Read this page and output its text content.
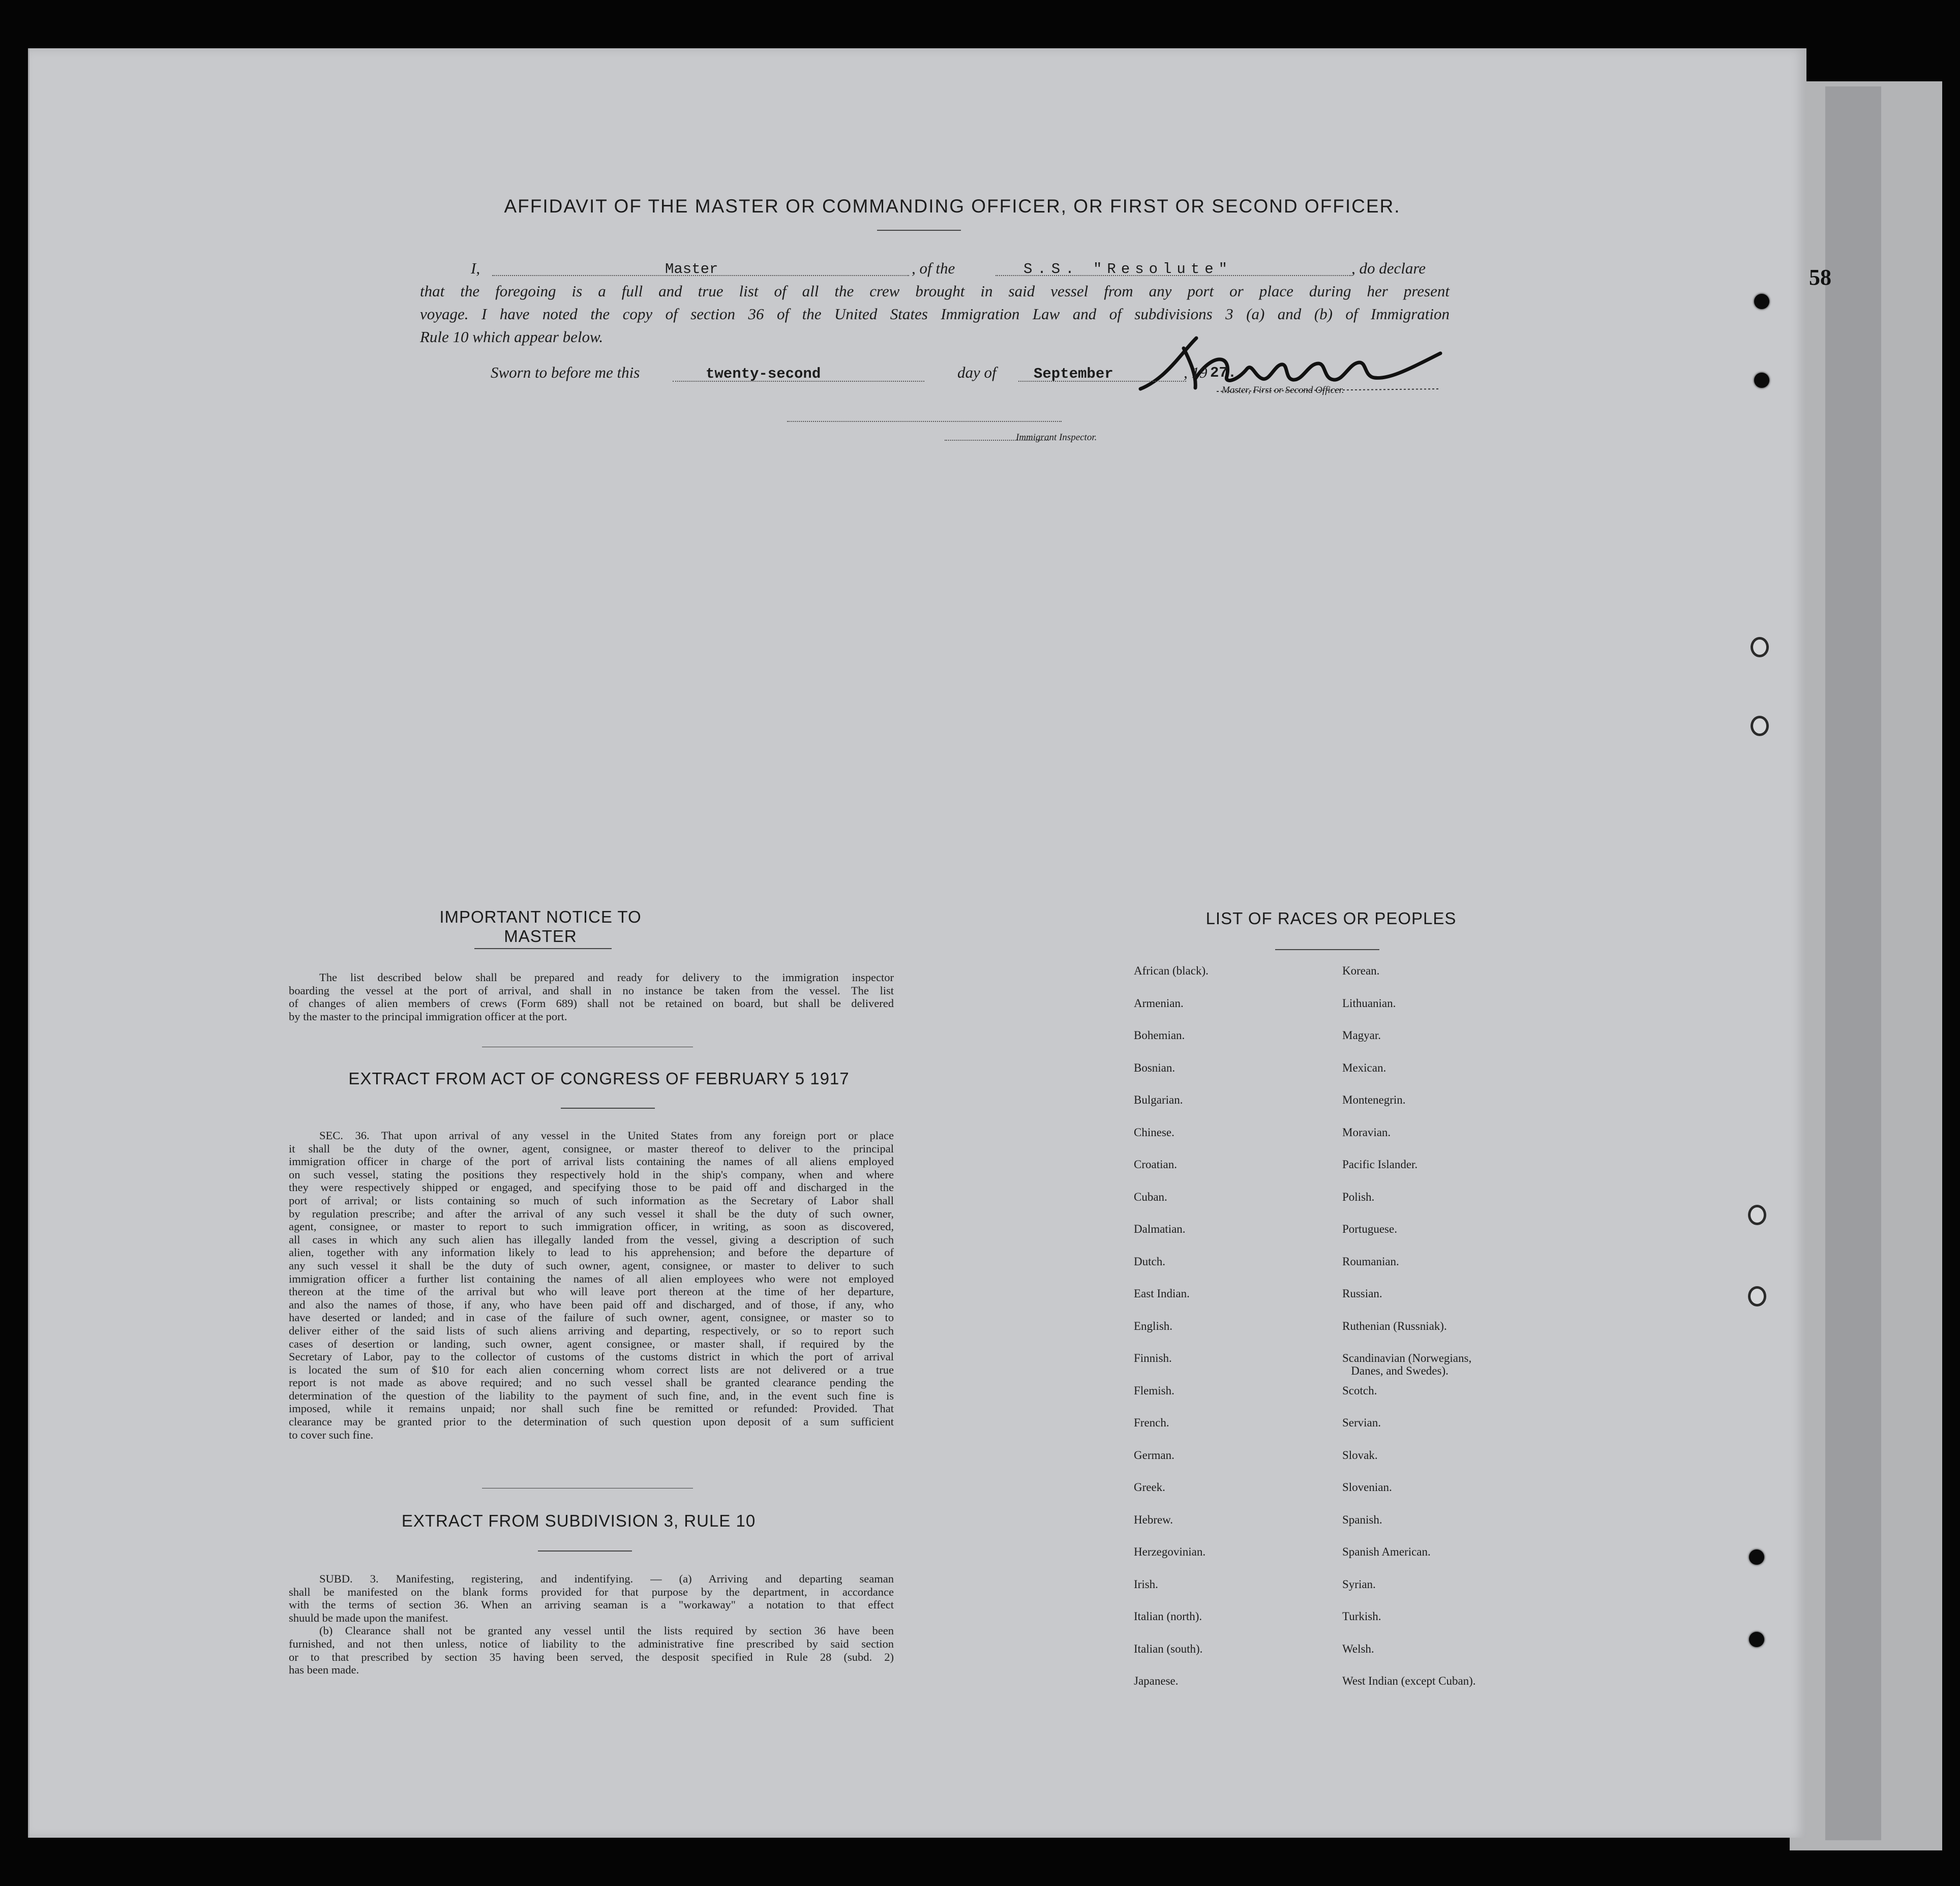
58
AFFIDAVIT OF THE MASTER OR COMMANDING OFFICER, OR FIRST OR SECOND OFFICER.
I,	Master	, of the	S.S. "Resolute"	, do declare
that the foregoing is a full and true list of all the crew brought in said vessel from any port or place during her present
voyage. I have noted the copy of section 36 of the United States Immigration Law and of subdivisions 3 (a) and (b) of Immigration
Rule 10 which appear below.
Master, First or Second Officer.
Sworn to before me this	twenty-second	day of	September	, 19 27.
Immigrant Inspector.
IMPORTANT NOTICE TO MASTER
The list described below shall be prepared and ready for delivery to the immigration inspector
boarding the vessel at the port of arrival, and shall in no instance be taken from the vessel. The list
of changes of alien members of crews (Form 689) shall not be retained on board, but shall be delivered
by the master to the principal immigration officer at the port.
EXTRACT FROM ACT OF CONGRESS OF FEBRUARY 5 1917
SEC. 36. That upon arrival of any vessel in the United States from any foreign port or place
it shall be the duty of the owner, agent, consignee, or master thereof to deliver to the principal
immigration officer in charge of the port of arrival lists containing the names of all aliens employed
on such vessel, stating the positions they respectively hold in the ship's company, when and where
they were respectively shipped or engaged, and specifying those to be paid off and discharged in the
port of arrival; or lists containing so much of such information as the Secretary of Labor shall
by regulation prescribe; and after the arrival of any such vessel it shall be the duty of such owner,
agent, consignee, or master to report to such immigration officer, in writing, as soon as discovered,
all cases in which any such alien has illegally landed from the vessel, giving a description of such
alien, together with any information likely to lead to his apprehension; and before the departure of
any such vessel it shall be the duty of such owner, agent, consignee, or master to deliver to such
immigration officer a further list containing the names of all alien employees who were not employed
thereon at the time of the arrival but who will leave port thereon at the time of her departure,
and also the names of those, if any, who have been paid off and discharged, and of those, if any, who
have deserted or landed; and in case of the failure of such owner, agent, consignee, or master so to
deliver either of the said lists of such aliens arriving and departing, respectively, or so to report such
cases of desertion or landing, such owner, agent consignee, or master shall, if required by the
Secretary of Labor, pay to the collector of customs of the customs district in which the port of arrival
is located the sum of $10 for each alien concerning whom correct lists are not delivered or a true
report is not made as above required; and no such vessel shall be granted clearance pending the
determination of the question of the liability to the payment of such fine, and, in the event such fine is
imposed, while it remains unpaid; nor shall such fine be remitted or refunded: Provided. That
clearance may be granted prior to the determination of such question upon deposit of a sum sufficient
to cover such fine.
EXTRACT FROM SUBDIVISION 3, RULE 10
SUBD. 3. Manifesting, registering, and indentifying. — (a) Arriving and departing seaman
shall be manifested on the blank forms provided for that purpose by the department, in accordance
with the terms of section 36. When an arriving seaman is a "workaway" a notation to that effect
shuuld be made upon the manifest.
(b) Clearance shall not be granted any vessel until the lists required by section 36 have been
furnished, and not then unless, notice of liability to the administrative fine prescribed by said section
or to that prescribed by section 35 having been served, the desposit specified in Rule 28 (subd. 2)
has been made.
LIST OF RACES OR PEOPLES
African (black).
Armenian.
Bohemian.
Bosnian.
Bulgarian.
Chinese.
Croatian.
Cuban.
Dalmatian.
Dutch.
East Indian.
English.
Finnish.
Flemish.
French.
German.
Greek.
Hebrew.
Herzegovinian.
Irish.
Italian (north).
Italian (south).
Japanese.
Korean.
Lithuanian.
Magyar.
Mexican.
Montenegrin.
Moravian.
Pacific Islander.
Polish.
Portuguese.
Roumanian.
Russian.
Ruthenian (Russniak).
Scandinavian (Norwegians,
Danes, and Swedes).
Scotch.
Servian.
Slovak.
Slovenian.
Spanish.
Spanish American.
Syrian.
Turkish.
Welsh.
West Indian (except Cuban).
